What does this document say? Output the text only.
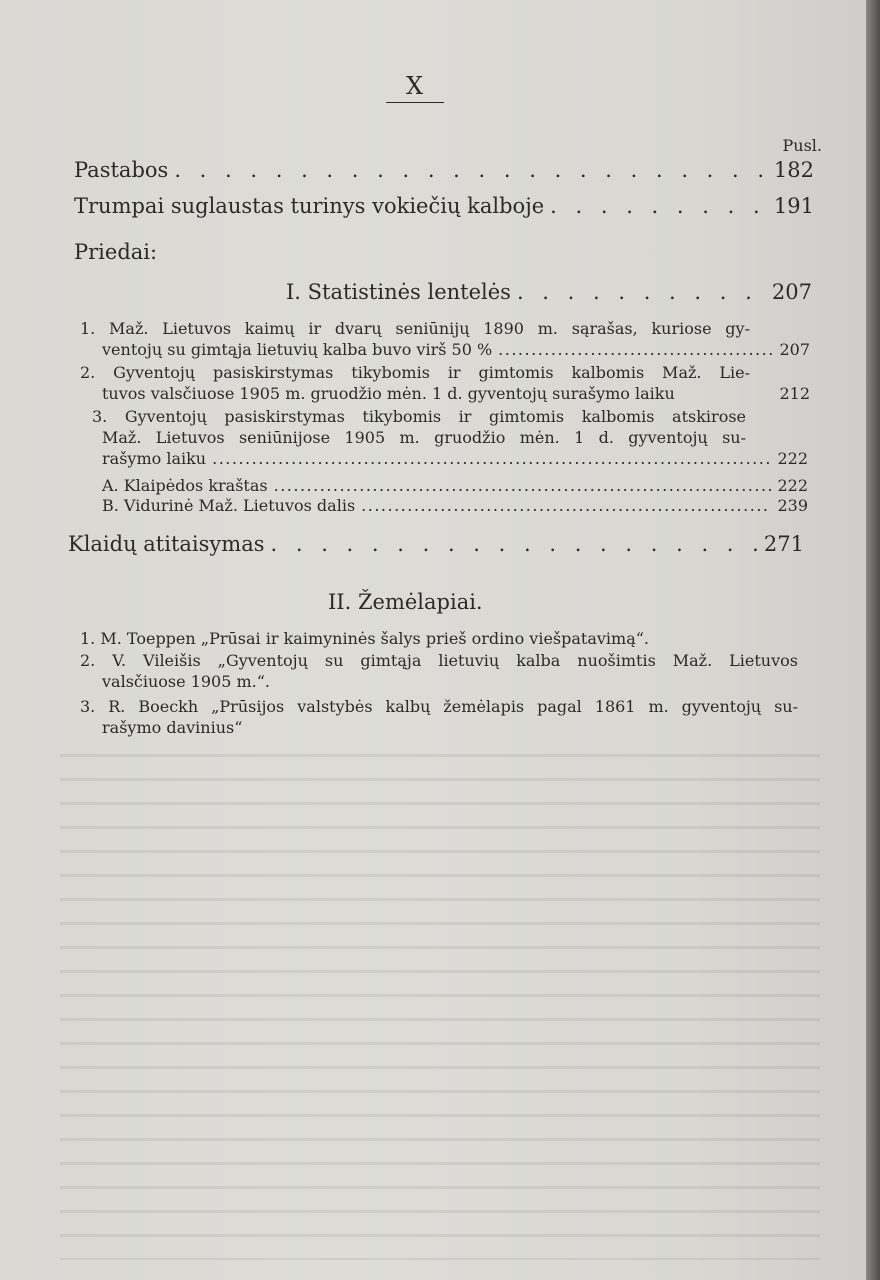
X
Pusl.
Pastabos . . .	182
Trumpai suglaustas turinys vokiečių kalboje . . .	191
Priedai:
I. Statistinės lentelės . . .	207
1. Maž. Lietuvos kaimų ir dvarų seniūnijų 1890 m. sąrašas, kuriose gy-
ventojų su gimtąja lietuvių kalba buvo virš 50 % .....	207
2. Gyventojų pasiskirstymas tikybomis ir gimtomis kalbomis Maž. Lie-
tuvos valsčiuose 1905 m. gruodžio mėn. 1 d. gyventojų surašymo laiku	212
3. Gyventojų pasiskirstymas tikybomis ir gimtomis kalbomis atskirose
Maž. Lietuvos seniūnijose 1905 m. gruodžio mėn. 1 d. gyventojų su-
rašymo laiku .....	222
A. Klaipėdos kraštas .....	222
B. Vidurinė Maž. Lietuvos dalis .....	239
Klaidų atitaisymas . . .	271
II. Žemėlapiai.
1. M. Toeppen „Prūsai ir kaimyninės šalys prieš ordino viešpatavimą“.
2. V. Vileišis „Gyventojų su gimtąja lietuvių kalba nuošimtis Maž. Lietuvos
valsčiuose 1905 m.“.
3. R. Boeckh „Prūsijos valstybės kalbų žemėlapis pagal 1861 m. gyventojų su-
rašymo davinius“
